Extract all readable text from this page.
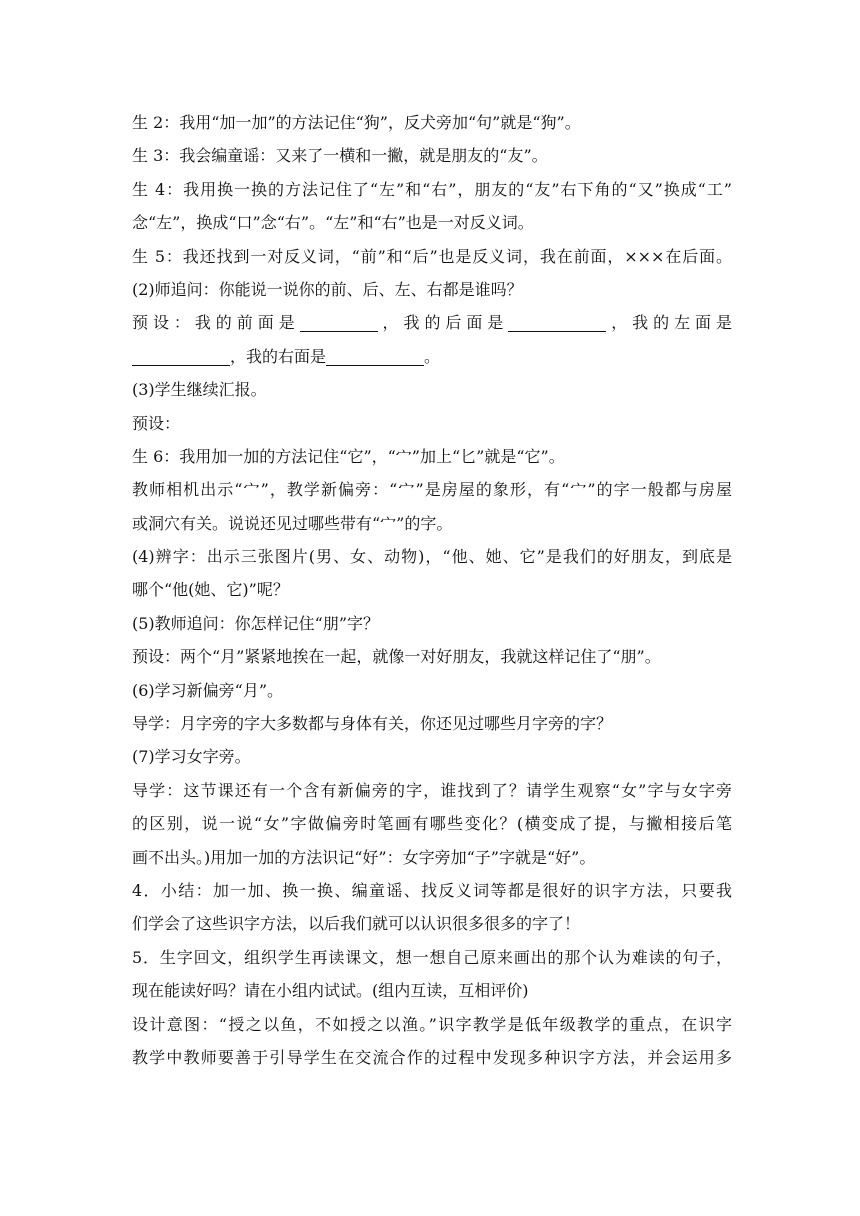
生 2：我用“加一加”的方法记住“狗”，反犬旁加“句”就是“狗”。
生 3：我会编童谣：又来了一横和一撇，就是朋友的“友”。
生 4：我用换一换的方法记住了“左”和“右”，朋友的“友”右下角的“又”换成“工”
念“左”，换成“口”念“右”。“左”和“右”也是一对反义词。
生 5：我还找到一对反义词，“前”和“后”也是反义词，我在前面，×××在后面。
(2)师追问：你能说一说你的前、后、左、右都是谁吗？
预设：我的前面是	，我的后面是	，我的左面是
，我的右面是	。
(3)学生继续汇报。
预设：
生 6：我用加一加的方法记住“它”，“宀”加上“匕”就是“它”。
教师相机出示“宀”，教学新偏旁：“宀”是房屋的象形，有“宀”的字一般都与房屋
或洞穴有关。说说还见过哪些带有“宀”的字。
(4)辨字：出示三张图片(男、女、动物)，“他、她、它”是我们的好朋友，到底是
哪个“他(她、它)”呢？
(5)教师追问：你怎样记住“朋”字？
预设：两个“月”紧紧地挨在一起，就像一对好朋友，我就这样记住了“朋”。
(6)学习新偏旁“月”。
导学：月字旁的字大多数都与身体有关，你还见过哪些月字旁的字？
(7)学习女字旁。
导学：这节课还有一个含有新偏旁的字，谁找到了？请学生观察“女”字与女字旁
的区别，说一说“女”字做偏旁时笔画有哪些变化？(横变成了提，与撇相接后笔
画不出头。)用加一加的方法识记“好”：女字旁加“子”字就是“好”。
4．小结：加一加、换一换、编童谣、找反义词等都是很好的识字方法，只要我
们学会了这些识字方法，以后我们就可以认识很多很多的字了！
5．生字回文，组织学生再读课文，想一想自己原来画出的那个认为难读的句子，
现在能读好吗？请在小组内试试。(组内互读，互相评价)
设计意图：“授之以鱼，不如授之以渔。”识字教学是低年级教学的重点，在识字
教学中教师要善于引导学生在交流合作的过程中发现多种识字方法，并会运用多
